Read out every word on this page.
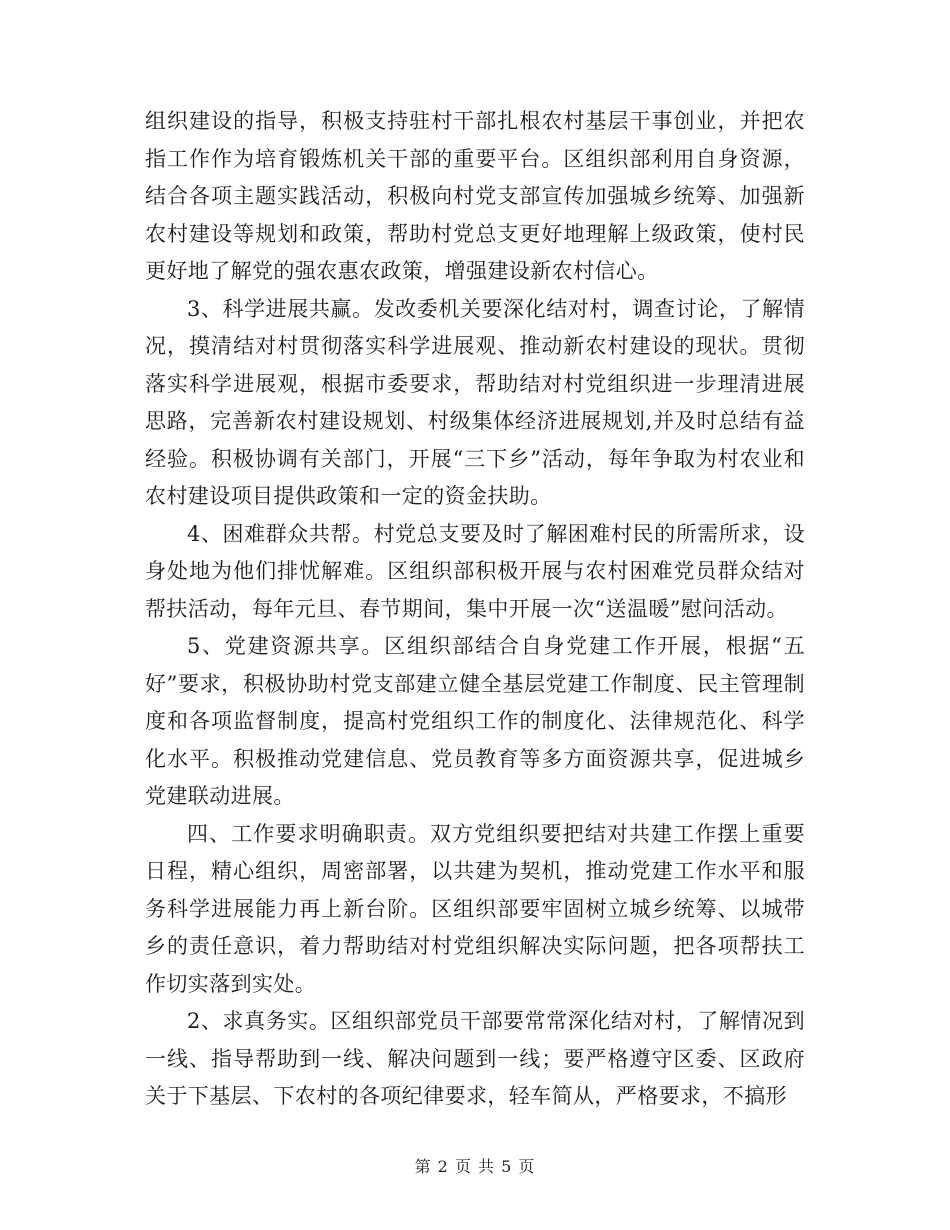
组织建设的指导，积极支持驻村干部扎根农村基层干事创业，并把农指工作作为培育锻炼机关干部的重要平台。区组织部利用自身资源，结合各项主题实践活动，积极向村党支部宣传加强城乡统筹、加强新农村建设等规划和政策，帮助村党总支更好地理解上级政策，使村民更好地了解党的强农惠农政策，增强建设新农村信心。

3、科学进展共赢。发改委机关要深化结对村，调查讨论，了解情况，摸清结对村贯彻落实科学进展观、推动新农村建设的现状。贯彻落实科学进展观，根据市委要求，帮助结对村党组织进一步理清进展思路，完善新农村建设规划、村级集体经济进展规划,并及时总结有益经验。积极协调有关部门，开展“三下乡”活动，每年争取为村农业和农村建设项目提供政策和一定的资金扶助。

4、困难群众共帮。村党总支要及时了解困难村民的所需所求，设身处地为他们排忧解难。区组织部积极开展与农村困难党员群众结对帮扶活动，每年元旦、春节期间，集中开展一次“送温暖”慰问活动。

5、党建资源共享。区组织部结合自身党建工作开展，根据“五好”要求，积极协助村党支部建立健全基层党建工作制度、民主管理制度和各项监督制度，提高村党组织工作的制度化、法律规范化、科学化水平。积极推动党建信息、党员教育等多方面资源共享，促进城乡党建联动进展。

四、工作要求明确职责。双方党组织要把结对共建工作摆上重要日程，精心组织，周密部署，以共建为契机，推动党建工作水平和服务科学进展能力再上新台阶。区组织部要牢固树立城乡统筹、以城带乡的责任意识，着力帮助结对村党组织解决实际问题，把各项帮扶工作切实落到实处。

2、求真务实。区组织部党员干部要常常深化结对村，了解情况到一线、指导帮助到一线、解决问题到一线；要严格遵守区委、区政府关于下基层、下农村的各项纪律要求，轻车简从，严格要求，不搞形

第 2 页 共 5 页
